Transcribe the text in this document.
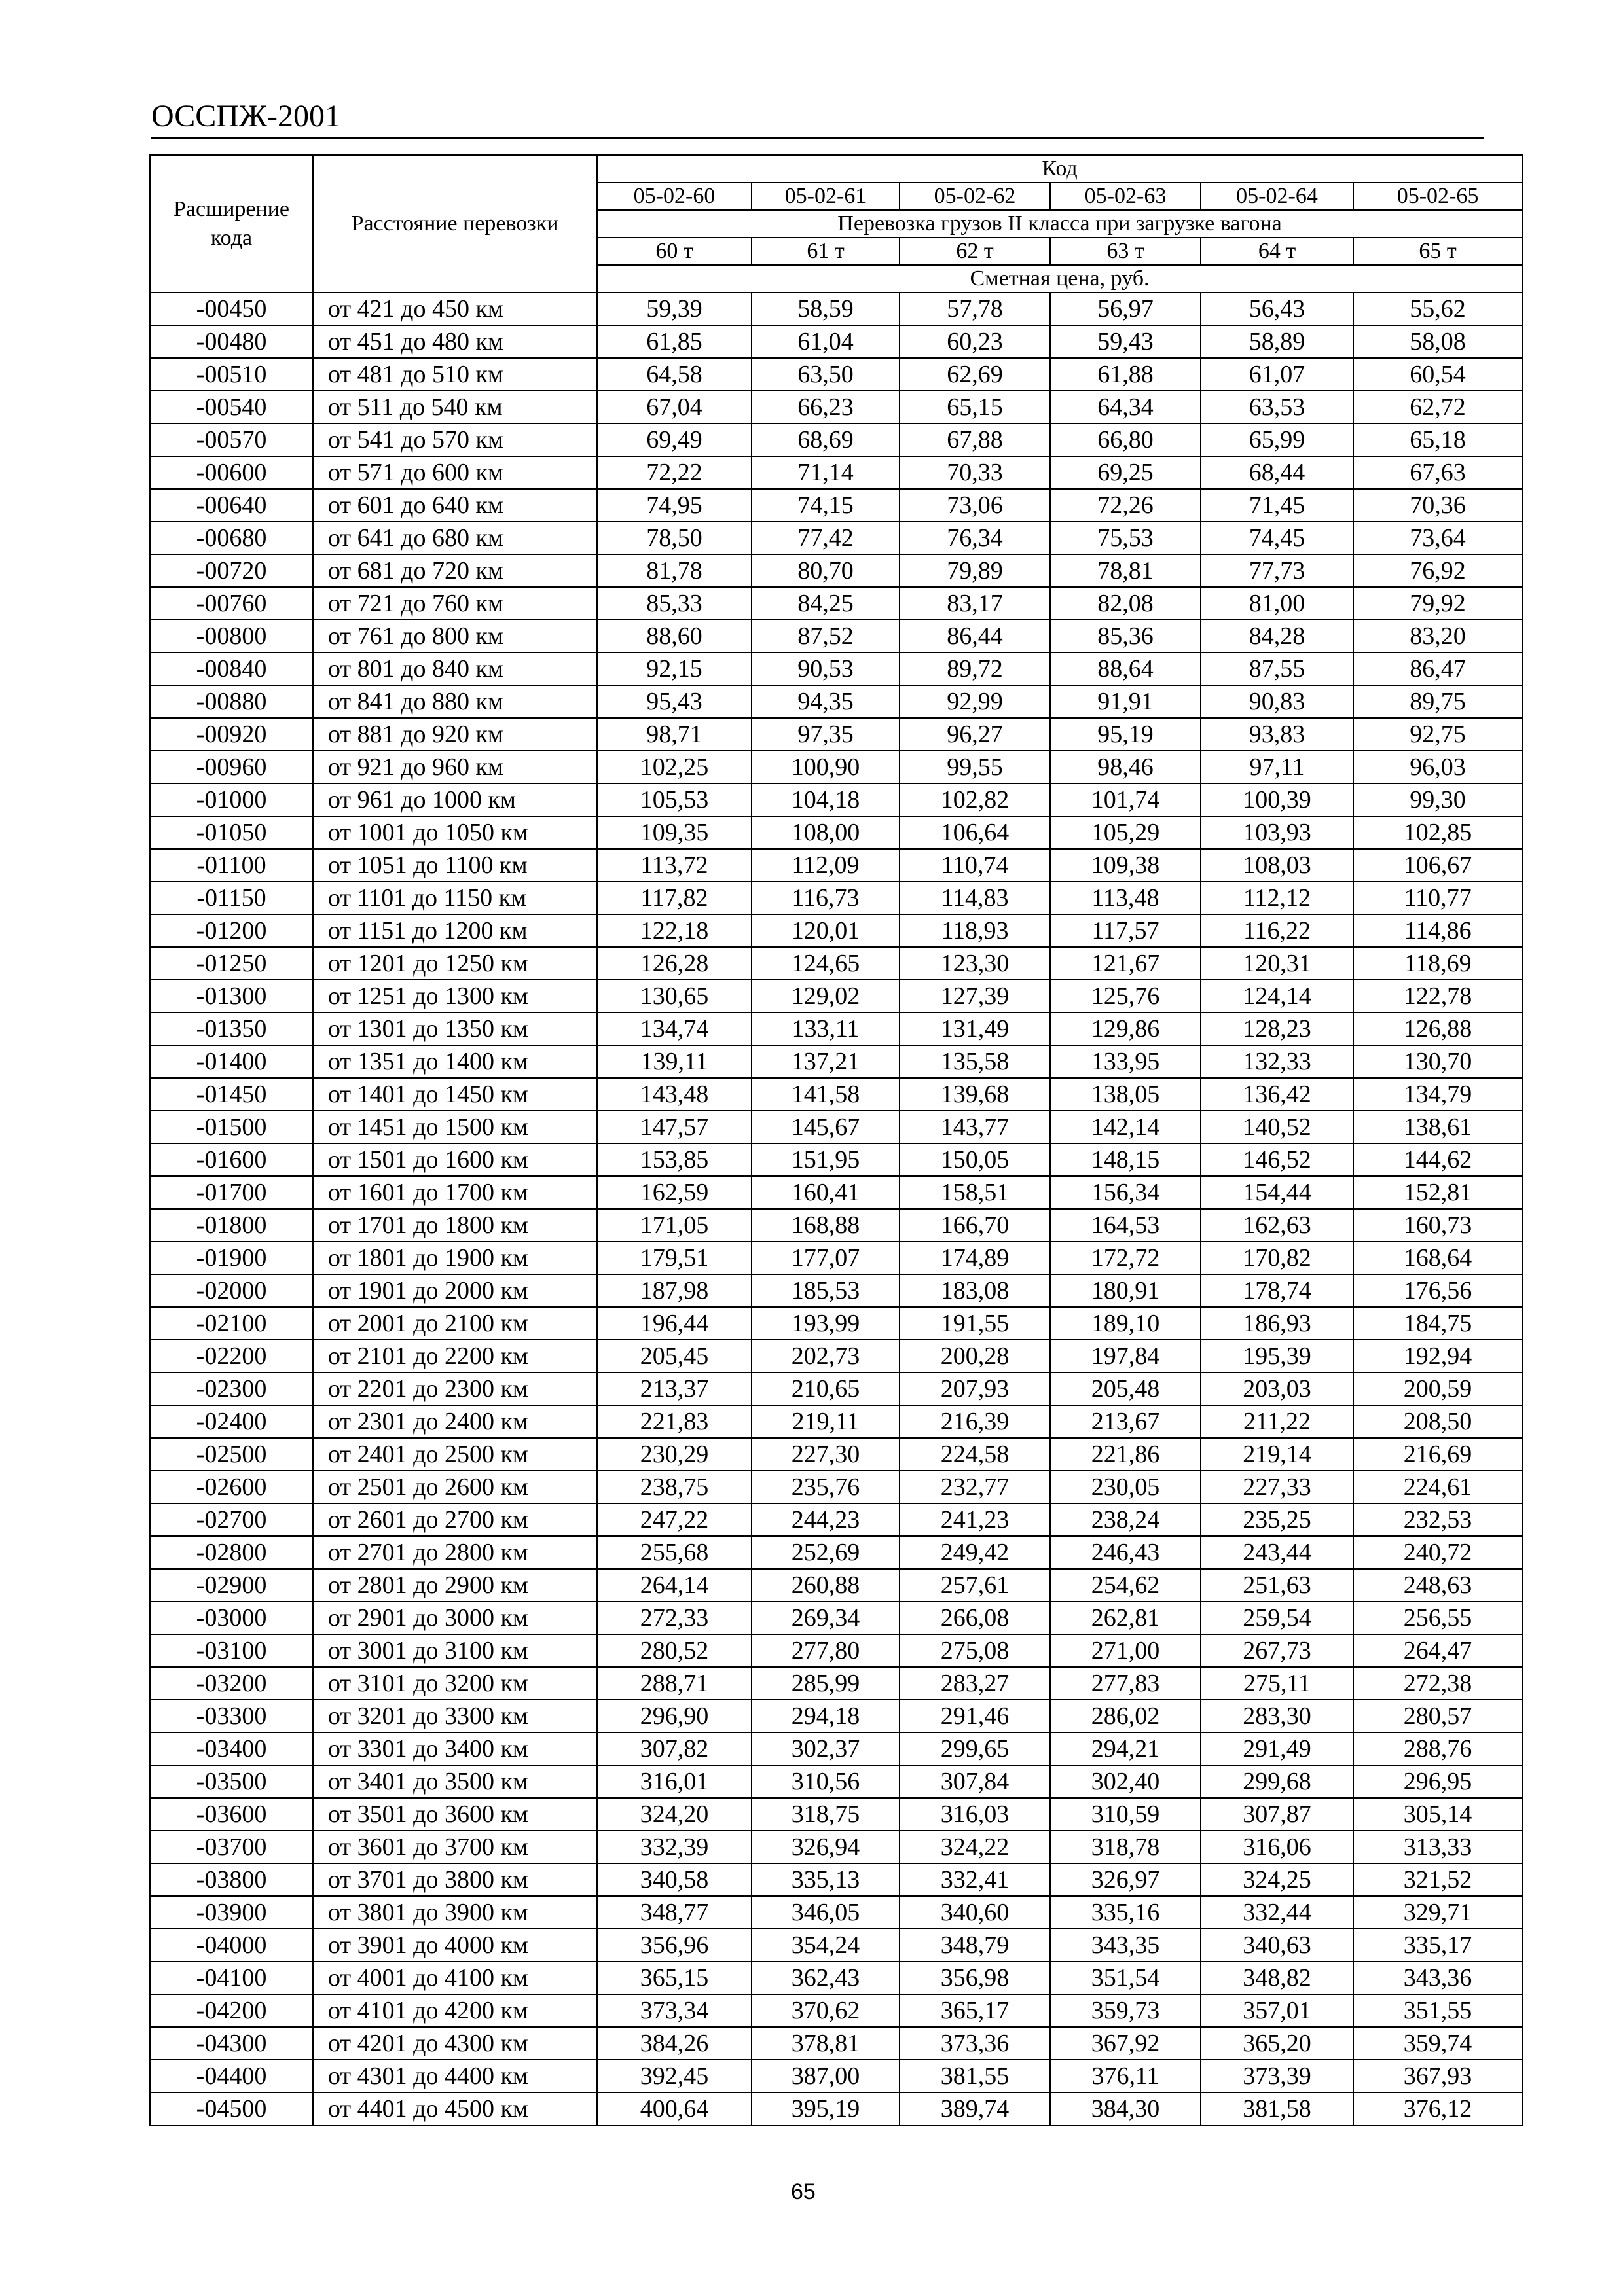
ОССПЖ-2001
Расширение кода	Расстояние перевозки	Код					
		05-02-60	05-02-61	05-02-62	05-02-63	05-02-64	05-02-65
		Перевозка грузов II класса при загрузке вагона					
		60 т	61 т	62 т	63 т	64 т	65 т
		Сметная цена, руб.					
-00450	от 421 до 450 км	59,39	58,59	57,78	56,97	56,43	55,62
-00480	от 451 до 480 км	61,85	61,04	60,23	59,43	58,89	58,08
-00510	от 481 до 510 км	64,58	63,50	62,69	61,88	61,07	60,54
-00540	от 511 до 540 км	67,04	66,23	65,15	64,34	63,53	62,72
-00570	от 541 до 570 км	69,49	68,69	67,88	66,80	65,99	65,18
-00600	от 571 до 600 км	72,22	71,14	70,33	69,25	68,44	67,63
-00640	от 601 до 640 км	74,95	74,15	73,06	72,26	71,45	70,36
-00680	от 641 до 680 км	78,50	77,42	76,34	75,53	74,45	73,64
-00720	от 681 до 720 км	81,78	80,70	79,89	78,81	77,73	76,92
-00760	от 721 до 760 км	85,33	84,25	83,17	82,08	81,00	79,92
-00800	от 761 до 800 км	88,60	87,52	86,44	85,36	84,28	83,20
-00840	от 801 до 840 км	92,15	90,53	89,72	88,64	87,55	86,47
-00880	от 841 до 880 км	95,43	94,35	92,99	91,91	90,83	89,75
-00920	от 881 до 920 км	98,71	97,35	96,27	95,19	93,83	92,75
-00960	от 921 до 960 км	102,25	100,90	99,55	98,46	97,11	96,03
-01000	от 961 до 1000 км	105,53	104,18	102,82	101,74	100,39	99,30
-01050	от 1001 до 1050 км	109,35	108,00	106,64	105,29	103,93	102,85
-01100	от 1051 до 1100 км	113,72	112,09	110,74	109,38	108,03	106,67
-01150	от 1101 до 1150 км	117,82	116,73	114,83	113,48	112,12	110,77
-01200	от 1151 до 1200 км	122,18	120,01	118,93	117,57	116,22	114,86
-01250	от 1201 до 1250 км	126,28	124,65	123,30	121,67	120,31	118,69
-01300	от 1251 до 1300 км	130,65	129,02	127,39	125,76	124,14	122,78
-01350	от 1301 до 1350 км	134,74	133,11	131,49	129,86	128,23	126,88
-01400	от 1351 до 1400 км	139,11	137,21	135,58	133,95	132,33	130,70
-01450	от 1401 до 1450 км	143,48	141,58	139,68	138,05	136,42	134,79
-01500	от 1451 до 1500 км	147,57	145,67	143,77	142,14	140,52	138,61
-01600	от 1501 до 1600 км	153,85	151,95	150,05	148,15	146,52	144,62
-01700	от 1601 до 1700 км	162,59	160,41	158,51	156,34	154,44	152,81
-01800	от 1701 до 1800 км	171,05	168,88	166,70	164,53	162,63	160,73
-01900	от 1801 до 1900 км	179,51	177,07	174,89	172,72	170,82	168,64
-02000	от 1901 до 2000 км	187,98	185,53	183,08	180,91	178,74	176,56
-02100	от 2001 до 2100 км	196,44	193,99	191,55	189,10	186,93	184,75
-02200	от 2101 до 2200 км	205,45	202,73	200,28	197,84	195,39	192,94
-02300	от 2201 до 2300 км	213,37	210,65	207,93	205,48	203,03	200,59
-02400	от 2301 до 2400 км	221,83	219,11	216,39	213,67	211,22	208,50
-02500	от 2401 до 2500 км	230,29	227,30	224,58	221,86	219,14	216,69
-02600	от 2501 до 2600 км	238,75	235,76	232,77	230,05	227,33	224,61
-02700	от 2601 до 2700 км	247,22	244,23	241,23	238,24	235,25	232,53
-02800	от 2701 до 2800 км	255,68	252,69	249,42	246,43	243,44	240,72
-02900	от 2801 до 2900 км	264,14	260,88	257,61	254,62	251,63	248,63
-03000	от 2901 до 3000 км	272,33	269,34	266,08	262,81	259,54	256,55
-03100	от 3001 до 3100 км	280,52	277,80	275,08	271,00	267,73	264,47
-03200	от 3101 до 3200 км	288,71	285,99	283,27	277,83	275,11	272,38
-03300	от 3201 до 3300 км	296,90	294,18	291,46	286,02	283,30	280,57
-03400	от 3301 до 3400 км	307,82	302,37	299,65	294,21	291,49	288,76
-03500	от 3401 до 3500 км	316,01	310,56	307,84	302,40	299,68	296,95
-03600	от 3501 до 3600 км	324,20	318,75	316,03	310,59	307,87	305,14
-03700	от 3601 до 3700 км	332,39	326,94	324,22	318,78	316,06	313,33
-03800	от 3701 до 3800 км	340,58	335,13	332,41	326,97	324,25	321,52
-03900	от 3801 до 3900 км	348,77	346,05	340,60	335,16	332,44	329,71
-04000	от 3901 до 4000 км	356,96	354,24	348,79	343,35	340,63	335,17
-04100	от 4001 до 4100 км	365,15	362,43	356,98	351,54	348,82	343,36
-04200	от 4101 до 4200 км	373,34	370,62	365,17	359,73	357,01	351,55
-04300	от 4201 до 4300 км	384,26	378,81	373,36	367,92	365,20	359,74
-04400	от 4301 до 4400 км	392,45	387,00	381,55	376,11	373,39	367,93
-04500	от 4401 до 4500 км	400,64	395,19	389,74	384,30	381,58	376,12
65
